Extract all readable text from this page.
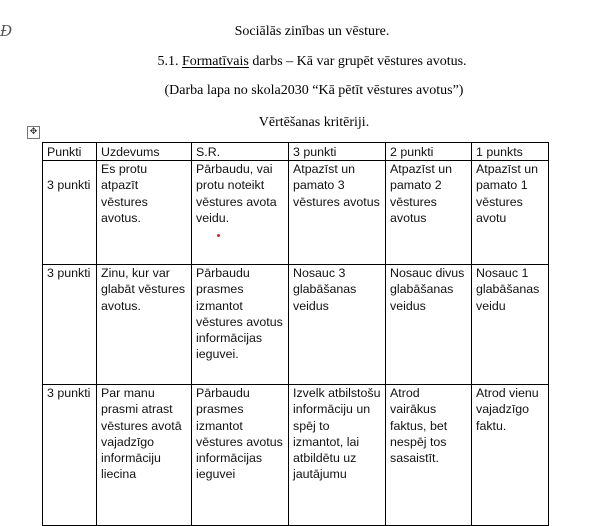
Ð	Sociālās zinības un vēsture.
5.1. Formatīvais darbs – Kā var grupēt vēstures avotus.
(Darba lapa no skola2030 “Kā pētīt vēstures avotus”)
Vērtēšanas kritēriji.
✥
Punkti	Uzdevums	S.R.	3 punkti	2 punkti	1 punkts
3 punkti	Es protu atpazīt vēstures avotus.	Pārbaudu, vai protu noteikt vēstures avota veidu.	Atpazīst un pamato 3 vēstures avotus	Atpazīst un pamato 2 vēstures avotus	Atpazīst un pamato 1 vēstures avotu
3 punkti	Zinu, kur var glabāt vēstures avotus.	Pārbaudu prasmes izmantot vēstures avotus informācijas ieguvei.	Nosauc 3 glabāšanas veidus	Nosauc divus glabāšanas veidus	Nosauc 1 glabāšanas veidu
3 punkti	Par manu prasmi atrast vēstures avotā vajadzīgo informāciju liecina	Pārbaudu prasmes izmantot vēstures avotus informācijas ieguvei	Izvelk atbilstošu informāciju un spēj to izmantot, lai atbildētu uz jautājumu	Atrod vairākus faktus, bet nespēj tos sasaistīt.	Atrod vienu vajadzīgo faktu.
